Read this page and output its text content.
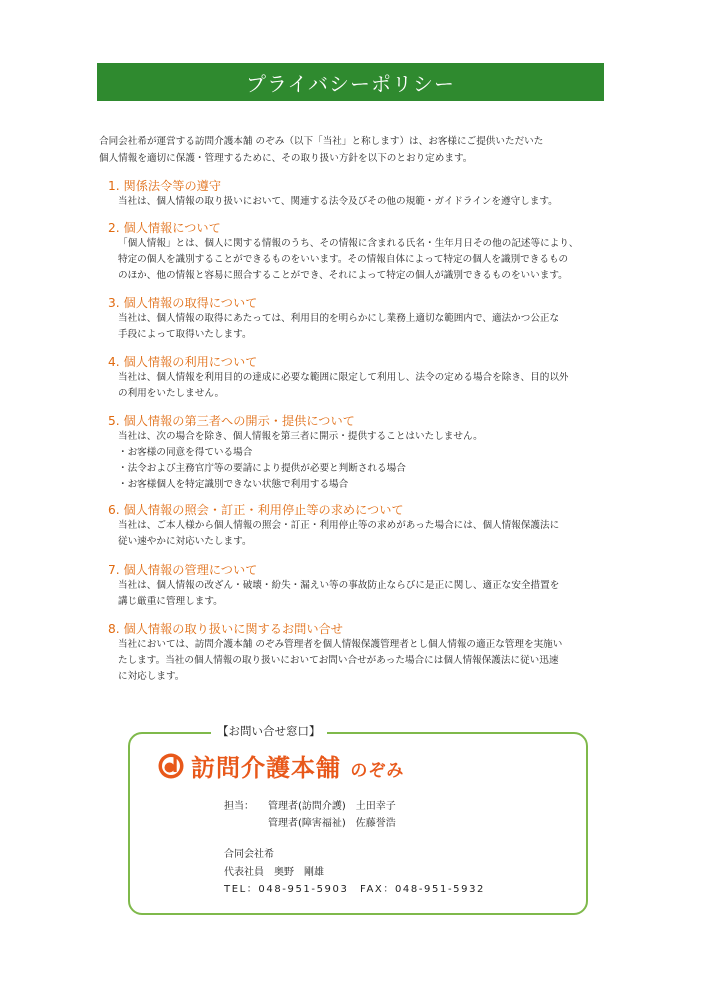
プライバシーポリシー
合同会社希が運営する訪問介護本舗 のぞみ（以下「当社」と称します）は、お客様にご提供いただいた
個人情報を適切に保護・管理するために、その取り扱い方針を以下のとおり定めます。
1. 関係法令等の遵守
当社は、個人情報の取り扱いにおいて、関連する法令及びその他の規範・ガイドラインを遵守します。
2. 個人情報について
「個人情報」とは、個人に関する情報のうち、その情報に含まれる氏名・生年月日その他の記述等により、
特定の個人を識別することができるものをいいます。その情報自体によって特定の個人を識別できるもの
のほか、他の情報と容易に照合することができ、それによって特定の個人が識別できるものをいいます。
3. 個人情報の取得について
当社は、個人情報の取得にあたっては、利用目的を明らかにし業務上適切な範囲内で、適法かつ公正な
手段によって取得いたします。
4. 個人情報の利用について
当社は、個人情報を利用目的の達成に必要な範囲に限定して利用し、法令の定める場合を除き、目的以外
の利用をいたしません。
5. 個人情報の第三者への開示・提供について
当社は、次の場合を除き、個人情報を第三者に開示・提供することはいたしません。
・お客様の同意を得ている場合
・法令および主務官庁等の要請により提供が必要と判断される場合
・お客様個人を特定識別できない状態で利用する場合
6. 個人情報の照会・訂正・利用停止等の求めについて
当社は、ご本人様から個人情報の照会・訂正・利用停止等の求めがあった場合には、個人情報保護法に
従い速やかに対応いたします。
7. 個人情報の管理について
当社は、個人情報の改ざん・破壊・紛失・漏えい等の事故防止ならびに是正に関し、適正な安全措置を
講じ厳重に管理します。
8. 個人情報の取り扱いに関するお問い合せ
当社においては、訪問介護本舗 のぞみ管理者を個人情報保護管理者とし個人情報の適正な管理を実施い
たします。当社の個人情報の取り扱いにおいてお問い合せがあった場合には個人情報保護法に従い迅速
に対応します。
【お問い合せ窓口】
訪問介護本舗 のぞみ
担当：	管理者(訪問介護)　土田幸子
管理者(障害福祉)　佐藤誉浩
合同会社希
代表社員　奥野　剛雄
TEL：048-951-5903　FAX：048-951-5932
